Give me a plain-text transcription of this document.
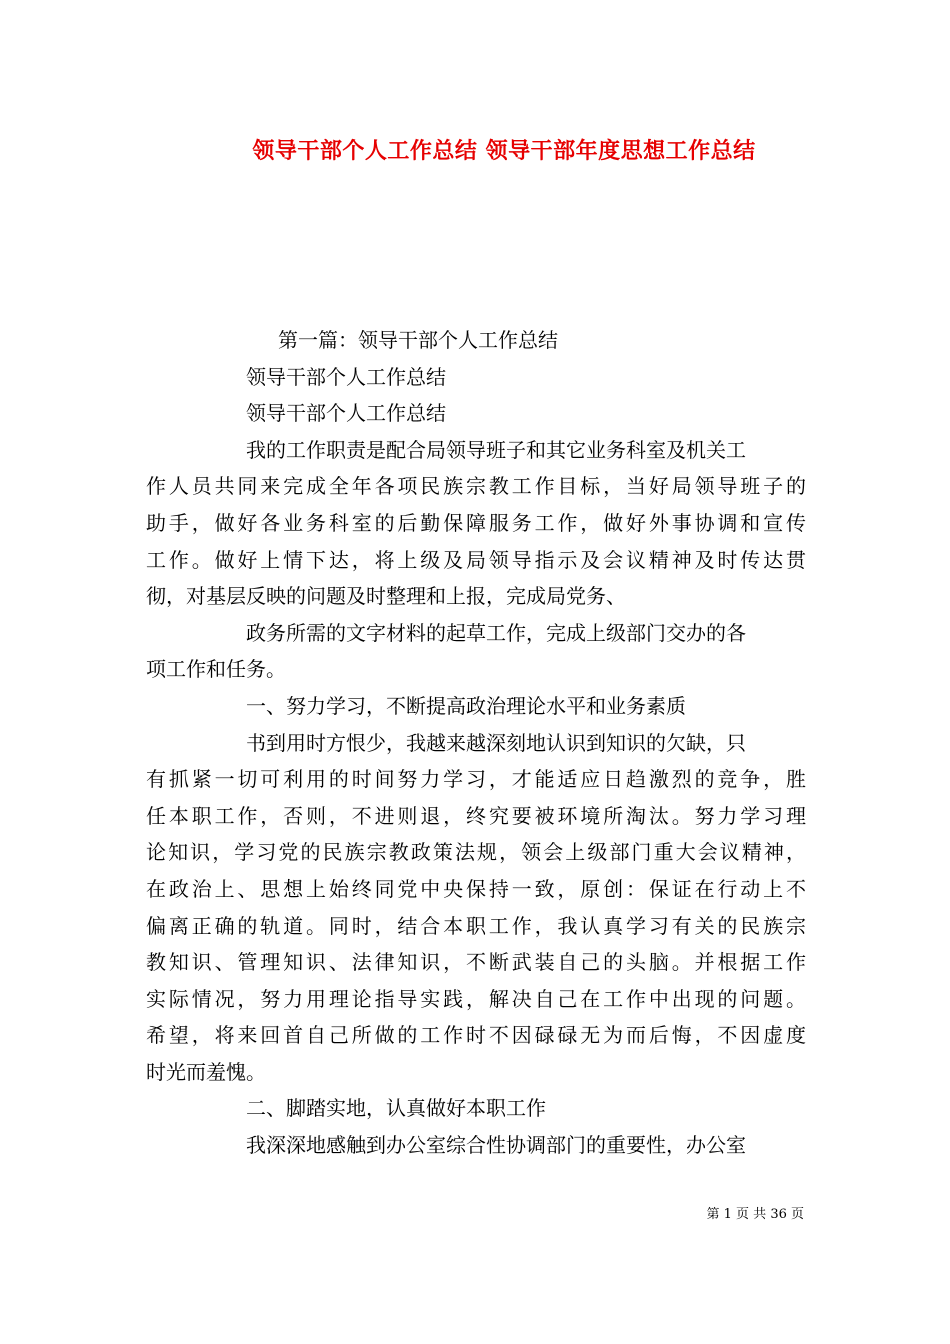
领导干部个人工作总结 领导干部年度思想工作总结
第一篇：领导干部个人工作总结
领导干部个人工作总结
领导干部个人工作总结
我的工作职责是配合局领导班子和其它业务科室及机关工
作人员共同来完成全年各项民族宗教工作目标，当好局领导班子的
助手，做好各业务科室的后勤保障服务工作，做好外事协调和宣传
工作。做好上情下达，将上级及局领导指示及会议精神及时传达贯
彻，对基层反映的问题及时整理和上报，完成局党务、
政务所需的文字材料的起草工作，完成上级部门交办的各
项工作和任务。
一、努力学习，不断提高政治理论水平和业务素质
书到用时方恨少，我越来越深刻地认识到知识的欠缺，只
有抓紧一切可利用的时间努力学习，才能适应日趋激烈的竞争，胜
任本职工作，否则，不进则退，终究要被环境所淘汰。努力学习理
论知识，学习党的民族宗教政策法规，领会上级部门重大会议精神，
在政治上、思想上始终同党中央保持一致，原创：保证在行动上不
偏离正确的轨道。同时，结合本职工作，我认真学习有关的民族宗
教知识、管理知识、法律知识，不断武装自己的头脑。并根据工作
实际情况，努力用理论指导实践，解决自己在工作中出现的问题。
希望，将来回首自己所做的工作时不因碌碌无为而后悔，不因虚度
时光而羞愧。
二、脚踏实地，认真做好本职工作
我深深地感触到办公室综合性协调部门的重要性，办公室
第 1 页 共 36 页
